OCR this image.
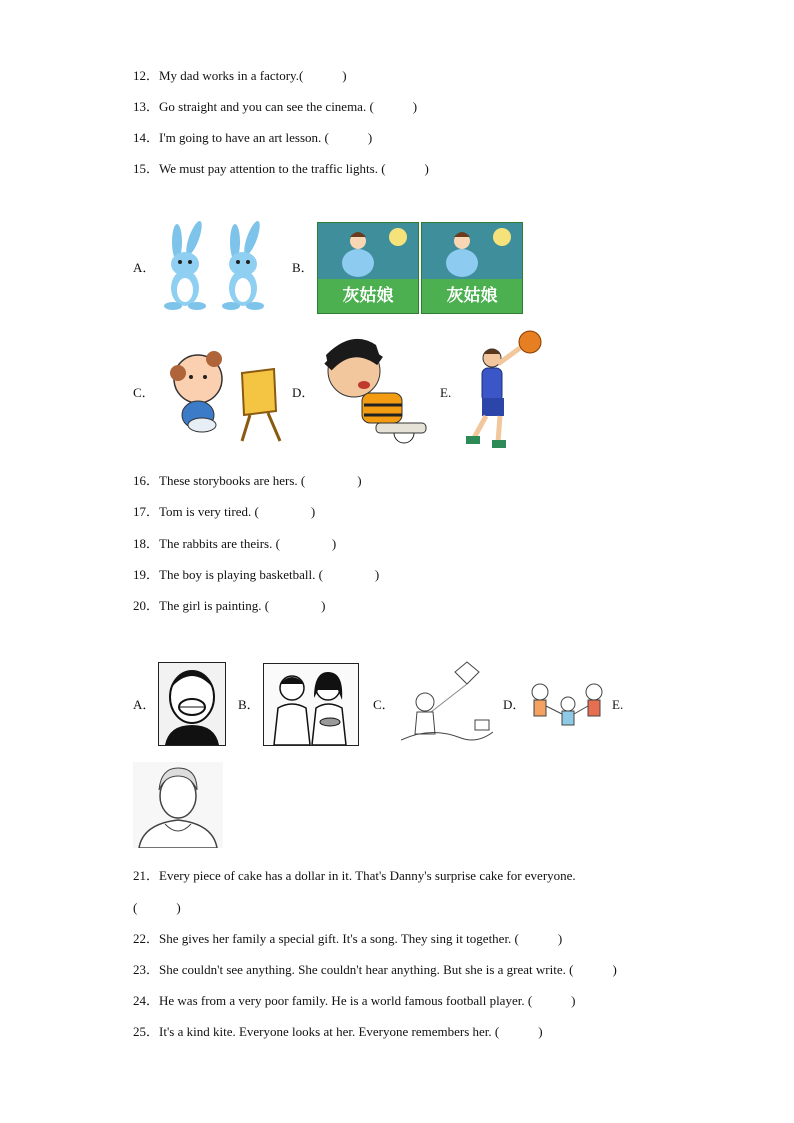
12．My dad works in a factory.(　　　)
13．Go straight and you can see the cinema. (　　　)
14．I'm going to have an art lesson. (　　　)
15．We must pay attention to the traffic lights. (　　　)
A．	B．
灰姑娘	灰姑娘
C．	D．	E.
16．These storybooks are hers. (　　　　)
17．Tom is very tired. (　　　　)
18．The rabbits are theirs. (　　　　)
19．The boy is playing basketball. (　　　　)
20．The girl is painting. (　　　　)
A．	B．	C．	D．	E.
21．Every piece of cake has a dollar in it. That's Danny's surprise cake for everyone.
(　　　)
22．She gives her family a special gift. It's a song. They sing it together. (　　　)
23．She couldn't see anything. She couldn't hear anything. But she is a great write. (　　　)
24．He was from a very poor family. He is a world famous football player. (　　　)
25．It's a kind kite. Everyone looks at her. Everyone remembers her. (　　　)
